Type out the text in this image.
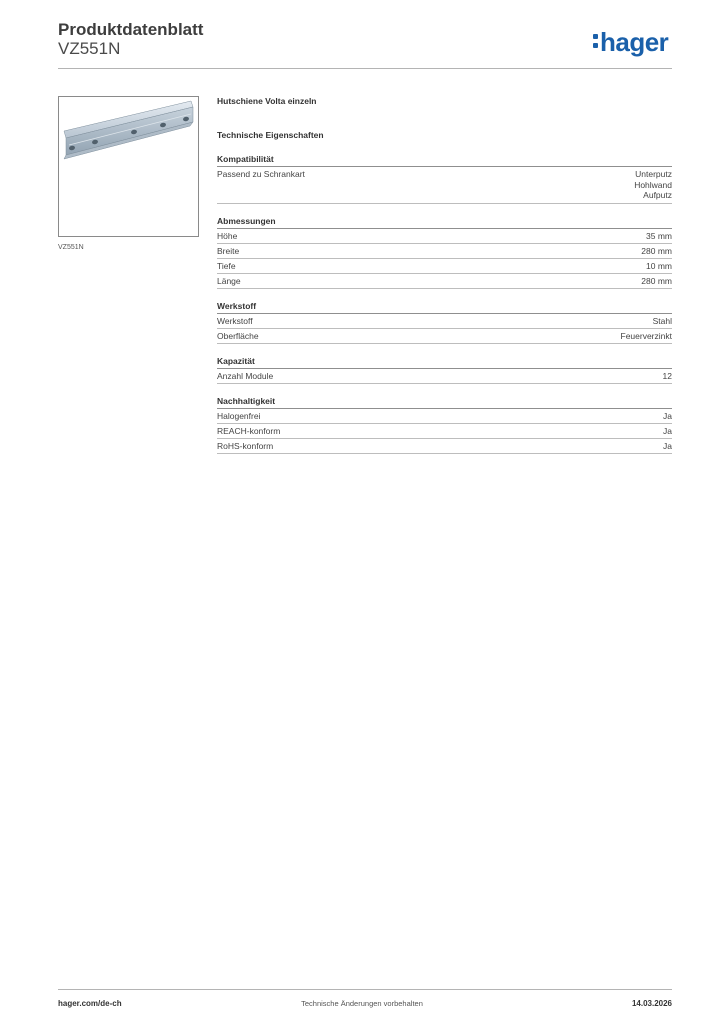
Produktdatenblatt
VZ551N	hager
VZ551N
Hutschiene Volta einzeln
Technische Eigenschaften
Kompatibilität
Passend zu Schrankart	Unterputz
Hohlwand
Aufputz
Abmessungen
Höhe	35 mm
Breite	280 mm
Tiefe	10 mm
Länge	280 mm
Werkstoff
Werkstoff	Stahl
Oberfläche	Feuerverzinkt
Kapazität
Anzahl Module	12
Nachhaltigkeit
Halogenfrei	Ja
REACH-konform	Ja
RoHS-konform	Ja
hager.com/de-ch	Technische Änderungen vorbehalten	14.03.2026
